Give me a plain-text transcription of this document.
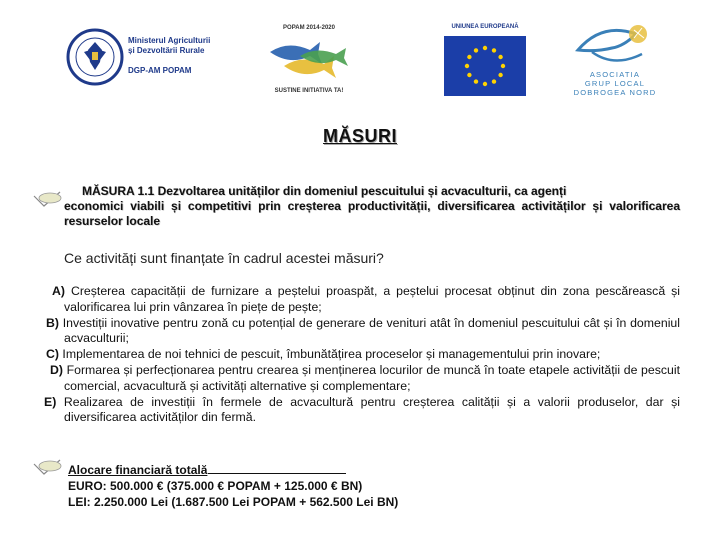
Ministerul Agriculturii
și Dezvoltării Rurale
DGP-AM POPAM
POPAM 2014-2020
SUSTINE INITIATIVA TA!
UNIUNEA EUROPEANĂ
ASOCIATIA
GRUP LOCAL
DOBROGEA NORD
MĂSURI
MĂSURA 1.1 Dezvoltarea unităților din domeniul pescuitului și acvaculturii, ca agenți
economici viabili și competitivi prin creșterea productivității, diversificarea activităților și valorificarea resurselor locale
Ce activități sunt finanțate în cadrul acestei măsuri?
A) Creșterea capacității de furnizare a peștelui proaspăt, a peștelui procesat obținut din zona pescărească și valorificarea lui prin vânzarea în piețe de pește;
B) Investiții inovative pentru zonă cu potențial de generare de venituri atât în domeniul pescuitului cât și în domeniul acvaculturii;
C) Implementarea de noi tehnici de pescuit, îmbunătățirea proceselor și managementului prin inovare;
D) Formarea și perfecționarea pentru crearea și menținerea locurilor de muncă în toate etapele activității de pescuit comercial, acvacultură și activități alternative și complementare;
E) Realizarea de investiții în fermele de acvacultură pentru creșterea calității și a valorii produselor, dar și diversificarea activităților din fermă.
Alocare financiară totală
EURO: 500.000 € (375.000 € POPAM + 125.000 € BN)
LEI: 2.250.000 Lei (1.687.500 Lei POPAM + 562.500 Lei BN)
